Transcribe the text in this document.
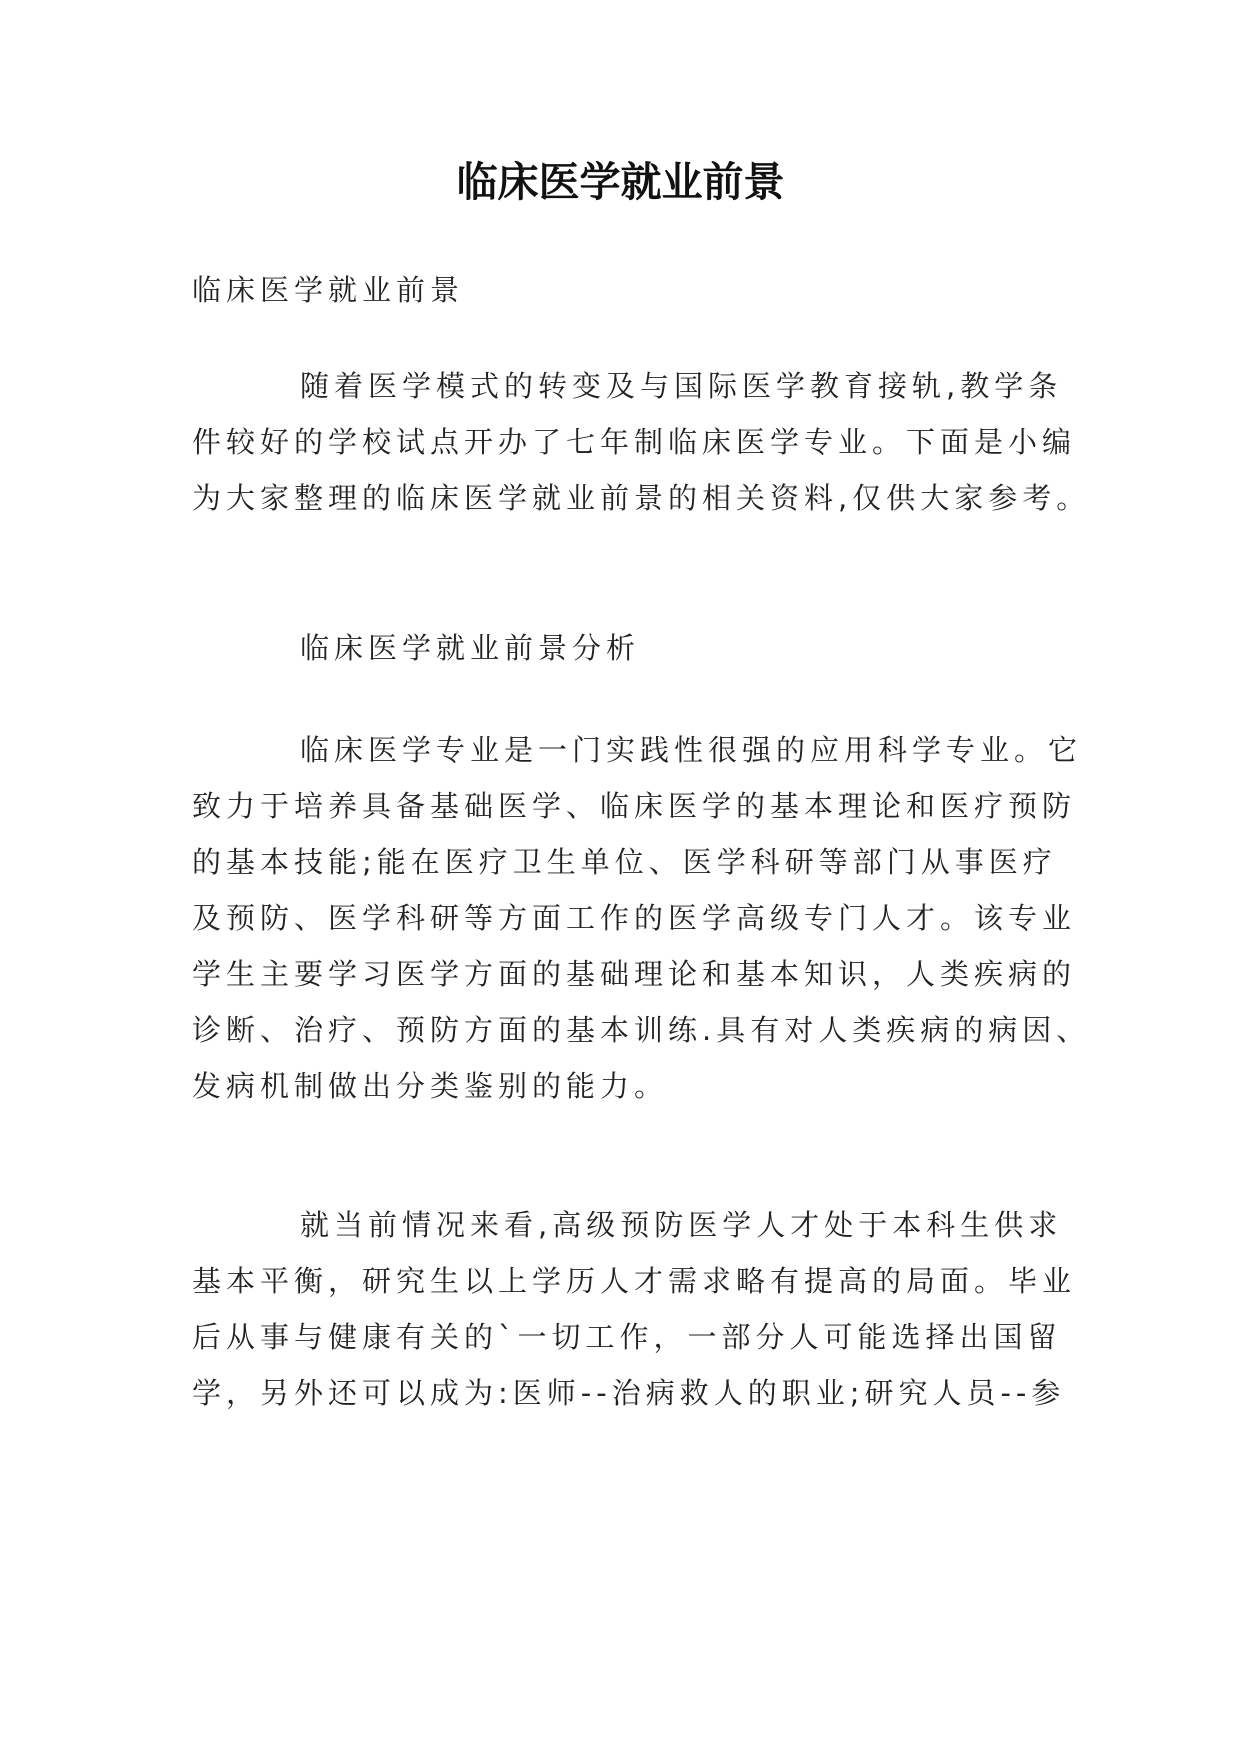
临床医学就业前景
临床医学就业前景
随着医学模式的转变及与国际医学教育接轨,教学条
件较好的学校试点开办了七年制临床医学专业。下面是小编
为大家整理的临床医学就业前景的相关资料,仅供大家参考。
临床医学就业前景分析
临床医学专业是一门实践性很强的应用科学专业。它
致力于培养具备基础医学、临床医学的基本理论和医疗预防
的基本技能;能在医疗卫生单位、医学科研等部门从事医疗
及预防、医学科研等方面工作的医学高级专门人才。该专业
学生主要学习医学方面的基础理论和基本知识，人类疾病的
诊断、治疗、预防方面的基本训练.具有对人类疾病的病因、
发病机制做出分类鉴别的能力。
就当前情况来看,高级预防医学人才处于本科生供求
基本平衡，研究生以上学历人才需求略有提高的局面。毕业
后从事与健康有关的`一切工作，一部分人可能选择出国留
学，另外还可以成为:医师--治病救人的职业;研究人员--参
